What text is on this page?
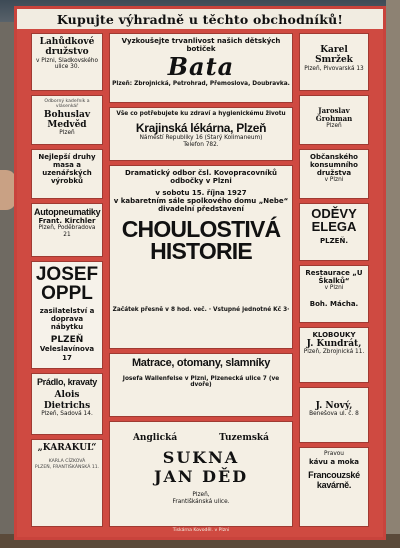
Kupujte výhradně u těchto obchodníků!
Lahůdkové družstvo
v Plzni, Sladkovského ulice 30.
Odborný kadeřník a vlásenkář
Bohuslav Medvěd
Plzeň
Nejlepší druhy masa a uzenářských výrobků
Autopneumatiky
Frant. Kirchler
Plzeň, Poděbradova 21
JOSEF OPPL
zasilatelství a doprava nábytku
PLZEŇ
Veleslavínova 17
Prádlo, kravaty
Alois Dietrichs
Plzeň, Sadová 14.
„KARAKUL“
KARLA CÍZKOVÁ
PLZEŇ, FRANTIŠKÁNSKÁ 11.
Vyzkoušejte trvanlivost našich dětských botiček
Bata
Plzeň: Zbrojnická, Petrohrad, Přemoslova, Doubravka.
Vše co potřebujete ku zdraví a hygienickému životu
Krajinská lékárna, Plzeň
Náměstí Republiky 16 (Starý Kolimaneum)
Telefon 782.
Dramatický odbor čsl. Kovopracovníků
odbočky v Plzni
v sobotu 15. října 1927
v kabaretním sále spolkového domu „Nebe“
divadelní představení
CHOULOSTIVÁ HISTORIE
Začátek přesně v 8 hod. več. · Vstupné jednotné Kč 3·
Matrace, otomany, slamníky
Josefa Wallenfelse v Plzni, Plzenecká ulice 7 (ve dvoře)
Anglická	Tuzemská
SUKNA
JAN DĚD
Plzeň,
Františkánská ulice.
Karel Smržek
Plzeň, Pivovarská 13
Jaroslav Grohman
Plzeň
Občanského konsumního družstva
v Plzni
ODĚVY ELEGA
PLZEŇ.
Restaurace „U Škalků“
v Plzni
Boh. Mácha.
KLOBOUKY
J. Kundrát,
Plzeň, Zbrojnická 11.
J. Nový,
Benešova ul. č. 8
Pravou
kávu a moka
Francouzské kavárně.
Tiskárna Kovoděl. v Plzni
